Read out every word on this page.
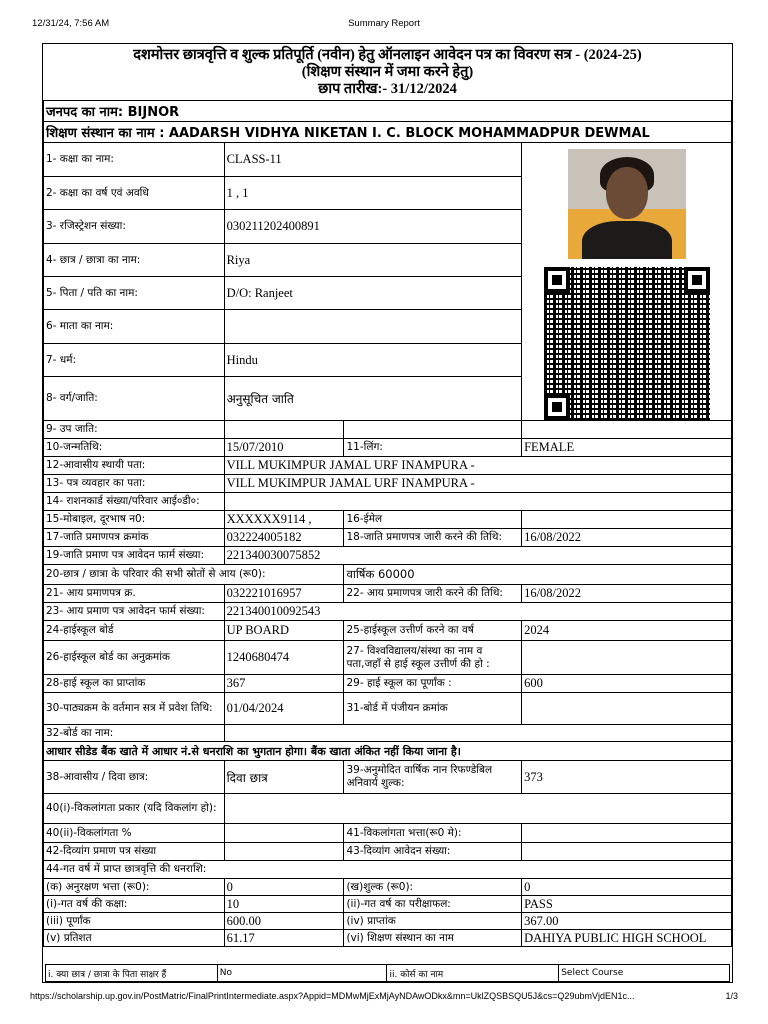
12/31/24, 7:56 AM	Summary Report
दशमोत्तर छात्रवृत्ति व शुल्क प्रतिपूर्ति (नवीन) हेतु ऑनलाइन आवेदन पत्र का विवरण सत्र - (2024-25)
(शिक्षण संस्थान में जमा करने हेतु)
छाप तारीख:- 31/12/2024
जनपद का नाम: BIJNOR
शिक्षण संस्थान का नाम : AADARSH VIDHYA NIKETAN I. C. BLOCK MOHAMMADPUR DEWMAL
1- कक्षा का नाम:	CLASS-11		

2- कक्षा का वर्ष एवं अवधि	1 , 1		
3- रजिस्ट्रेशन संख्या:	030211202400891		
4- छात्र / छात्रा का नाम:	Riya		
5- पिता / पति का नाम:	D/O: Ranjeet		
6- माता का नाम:			
7- धर्म:	Hindu		
8- वर्ग/जाति:	अनुसूचित जाति		
9- उप जाति:			
10-जन्मतिथि:	15/07/2010	11-लिंग:	FEMALE
12-आवासीय स्थायी पता:	VILL MUKIMPUR JAMAL URF INAMPURA -		
13- पत्र व्यवहार का पता:	VILL MUKIMPUR JAMAL URF INAMPURA -		
14- राशनकार्ड संख्या/परिवार आई०डी०:			
15-मोबाइल, दूरभाष न0:	XXXXXX9114 ,	16-ईमेल	
17-जाति प्रमाणपत्र क्रमांक	032224005182	18-जाति प्रमाणपत्र जारी करने की तिथि:	16/08/2022
19-जाति प्रमाण पत्र आवेदन फार्म संख्या:	221340030075852		
20-छात्र / छात्रा के परिवार की सभी स्रोतों से आय (रू0):		वार्षिक 60000	
21- आय प्रमाणपत्र क्र.	032221016957	22- आय प्रमाणपत्र जारी करने की तिथि:	16/08/2022
23- आय प्रमाण पत्र आवेदन फार्म संख्या:	221340010092543		
24-हाईस्कूल बोर्ड	UP BOARD	25-हाईस्कूल उत्तीर्ण करने का वर्ष	2024
26-हाईस्कूल बोर्ड का अनुक्रमांक	1240680474	27- विश्वविद्यालय/संस्था का नाम व पता,जहाँ से हाई स्कूल उत्तीर्ण की हो :	
28-हाई स्कूल का प्राप्तांक	367	29- हाई स्कूल का पूर्णांक :	600
30-पाठ्यक्रम के वर्तमान सत्र में प्रवेश तिथि:	01/04/2024	31-बोर्ड में पंजीयन क्रमांक	
32-बोर्ड का नाम:			
आधार सीडेड बैंक खाते में आधार नं.से धनराशि का भुगतान होगा। बैंक खाता अंकित नहीं किया जाना है।			
38-आवासीय / दिवा छात्र:	दिवा छात्र	39-अनुमोदित वार्षिक नान रिफण्डेबिल अनिवार्य शुल्क:	373
40(i)-विकलांगता प्रकार (यदि विकलांग हो):			
40(ii)-विकलांगता %		41-विकलांगता भत्ता(रू0 मे):	
42-दिव्यांग प्रमाण पत्र संख्या		43-दिव्यांग आवेदन संख्या:	
44-गत वर्ष में प्राप्त छात्रवृत्ति की धनराशि:			
(क) अनुरक्षण भत्ता (रू0):	0	(ख)शुल्क (रू0):	0
(i)-गत वर्ष की कक्षा:	10	(ii)-गत वर्ष का परीक्षाफल:	PASS
(iii) पूर्णांक	600.00	(iv) प्राप्तांक	367.00
(v) प्रतिशत	61.17	(vi) शिक्षण संस्थान का नाम	DAHIYA PUBLIC HIGH SCHOOL
i. क्या छात्र / छात्रा के पिता साक्षर हैं	No	ii. कोर्स का नाम	Select Course
https://scholarship.up.gov.in/PostMatric/FinalPrintIntermediate.aspx?Appid=MDMwMjExMjAyNDAwODkx&mn=UklZQSBSQU5J&cs=Q29ubmVjdEN1c...	1/3
